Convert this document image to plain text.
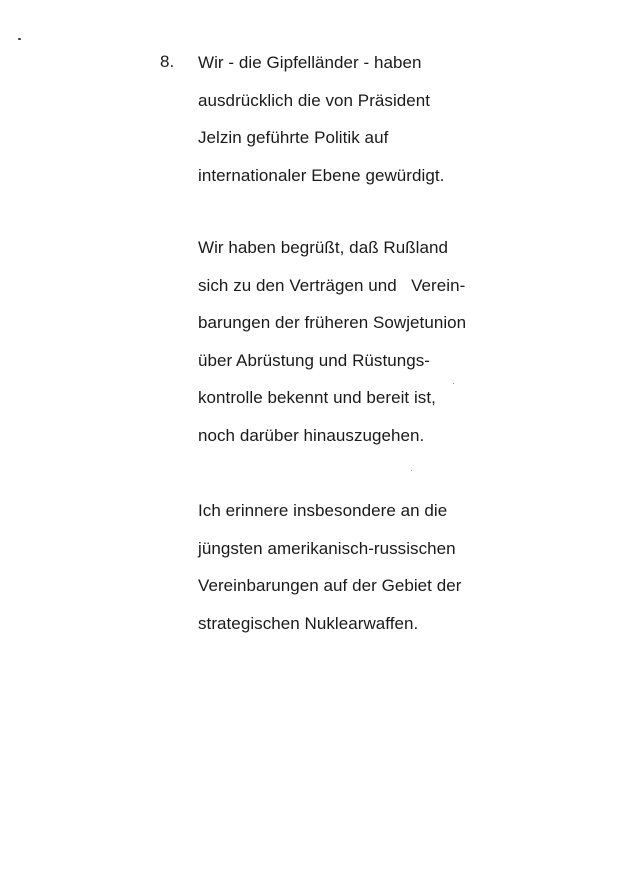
8. Wir - die Gipfelländer - haben
ausdrücklich die von Präsident
Jelzin geführte Politik auf
internationaler Ebene gewürdigt.
Wir haben begrüßt, daß Rußland
sich zu den Verträgen und   Verein-
barungen der früheren Sowjetunion
über Abrüstung und Rüstungs-
kontrolle bekennt und bereit ist,
noch darüber hinauszugehen.
Ich erinnere insbesondere an die
jüngsten amerikanisch-russischen
Vereinbarungen auf der Gebiet der
strategischen Nuklearwaffen.
